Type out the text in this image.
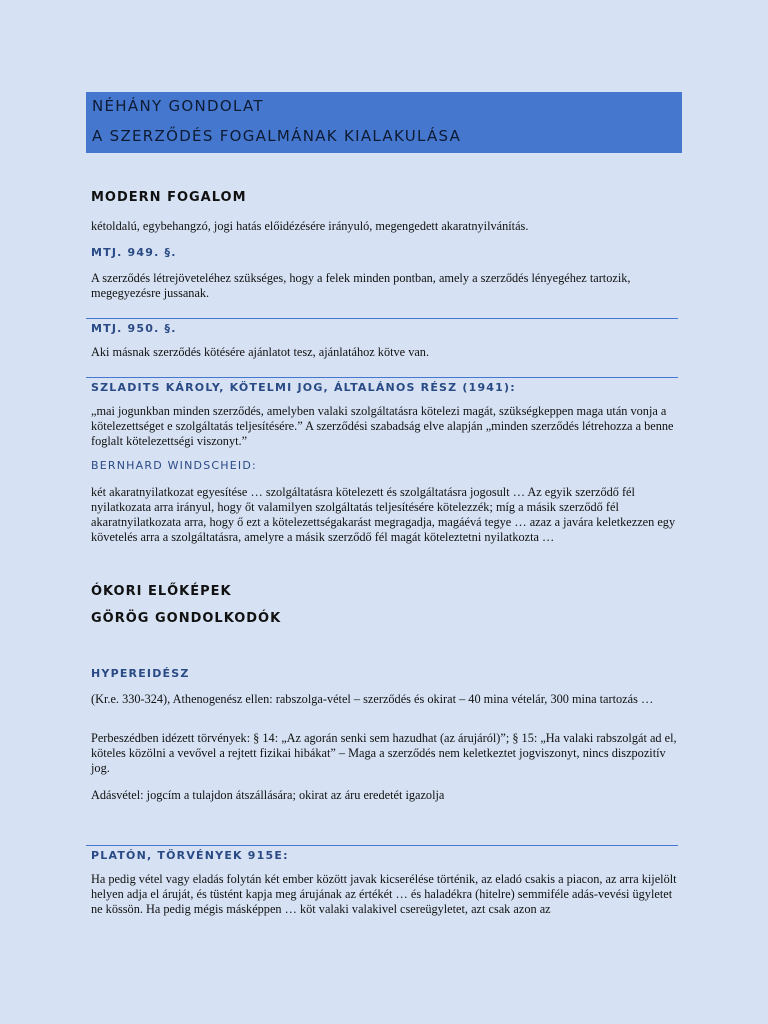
NÉHÁNY GONDOLAT
A SZERZŐDÉS FOGALMÁNAK KIALAKULÁSA
MODERN FOGALOM
kétoldalú, egybehangzó, jogi hatás előidézésére irányuló, megengedett akaratnyilvánítás.
MTJ. 949. §.
A szerződés létrejöveteléhez szükséges, hogy a felek minden pontban, amely a szerződés lényegéhez tartozik, megegyezésre jussanak.
MTJ. 950. §.
Aki másnak szerződés kötésére ajánlatot tesz, ajánlatához kötve van.
SZLADITS KÁROLY, KÖTELMI JOG, ÁLTALÁNOS RÉSZ (1941):
„mai jogunkban minden szerződés, amelyben valaki szolgáltatásra kötelezi magát, szükségkeppen maga után vonja a kötelezettséget e szolgáltatás teljesítésére.” A szerződési szabadság elve alapján „minden szerződés létrehozza a benne foglalt kötelezettségi viszonyt.”
BERNHARD WINDSCHEID:
két akaratnyilatkozat egyesítése … szolgáltatásra kötelezett és szolgáltatásra jogosult … Az egyik szerződő fél nyilatkozata arra irányul, hogy őt valamilyen szolgáltatás teljesítésére kötelezzék; míg a másik szerződő fél akaratnyilatkozata arra, hogy ő ezt a kötelezettségakarást megragadja, magáévá tegye … azaz a javára keletkezzen egy követelés arra a szolgáltatásra, amelyre a másik szerződő fél magát köteleztetni nyilatkozta …
ÓKORI ELŐKÉPEK
GÖRÖG GONDOLKODÓK
HYPEREIDÉSZ
(Kr.e. 330-324), Athenogenész ellen: rabszolga-vétel – szerződés és okirat – 40 mina vételár, 300 mina tartozás …
Perbeszédben idézett törvények: § 14: „Az agorán senki sem hazudhat (az árujáról)”; § 15: „Ha valaki rabszolgát ad el, köteles közölni a vevővel a rejtett fizikai hibákat” – Maga a szerződés nem keletkeztet jogviszonyt, nincs diszpozitív jog.
Adásvétel: jogcím a tulajdon átszállására; okirat az áru eredetét igazolja
PLATÓN, TÖRVÉNYEK 915E:
Ha pedig vétel vagy eladás folytán két ember között javak kicserélése történik, az eladó csakis a piacon, az arra kijelölt helyen adja el áruját, és tüstént kapja meg árujának az értékét … és haladékra (hitelre) semmiféle adás-vevési ügyletet ne kössön. Ha pedig mégis másképpen … köt valaki valakivel csereügyletet, azt csak azon az
